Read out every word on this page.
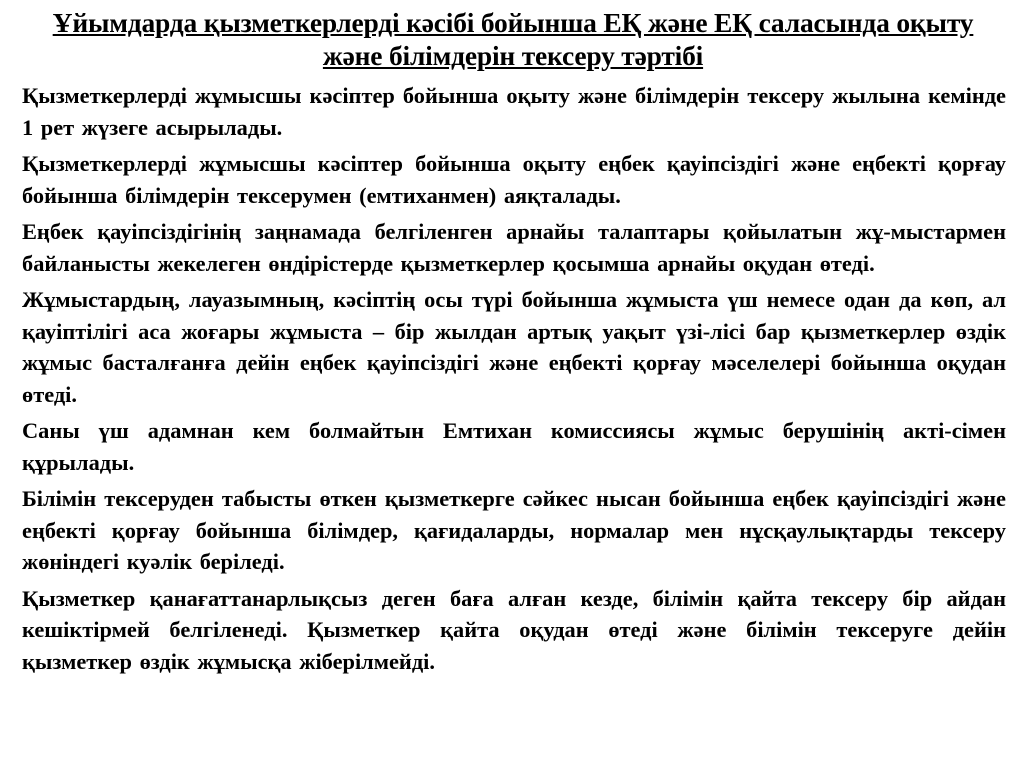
Ұйымдарда қызметкерлерді кәсібі бойынша ЕҚ және ЕҚ саласында оқыту
және білімдерін тексеру тәртібі

Қызметкерлерді жұмысшы кәсіптер бойынша оқыту және білімдерін тексеру жылына кемінде 1 рет жүзеге асырылады.

Қызметкерлерді жұмысшы кәсіптер бойынша оқыту еңбек қауіпсіздігі және еңбекті қорғау бойынша білімдерін тексерумен (емтиханмен) аяқталады.

Еңбек қауіпсіздігінің заңнамада белгіленген арнайы талаптары қойылатын жұ-мыстармен байланысты жекелеген өндірістерде қызметкерлер қосымша арнайы оқудан өтеді.

Жұмыстардың, лауазымның, кәсіптің осы түрі бойынша жұмыста үш немесе одан да көп, ал қауіптілігі аса жоғары жұмыста – бір жылдан артық уақыт үзі-лісі бар қызметкерлер өздік жұмыс басталғанға дейін еңбек қауіпсіздігі және еңбекті қорғау мәселелері бойынша оқудан өтеді.

Саны үш адамнан кем болмайтын Емтихан комиссиясы жұмыс берушінің акті-сімен құрылады.

Білімін тексеруден табысты өткен қызметкерге сәйкес нысан бойынша еңбек қауіпсіздігі және еңбекті қорғау бойынша білімдер, қағидаларды, нормалар мен нұсқаулықтарды тексеру жөніндегі куәлік беріледі.

Қызметкер қанағаттанарлықсыз деген баға алған кезде, білімін қайта тексеру бір айдан кешіктірмей белгіленеді. Қызметкер қайта оқудан өтеді және білімін тексеруге дейін қызметкер өздік жұмысқа жіберілмейді.
